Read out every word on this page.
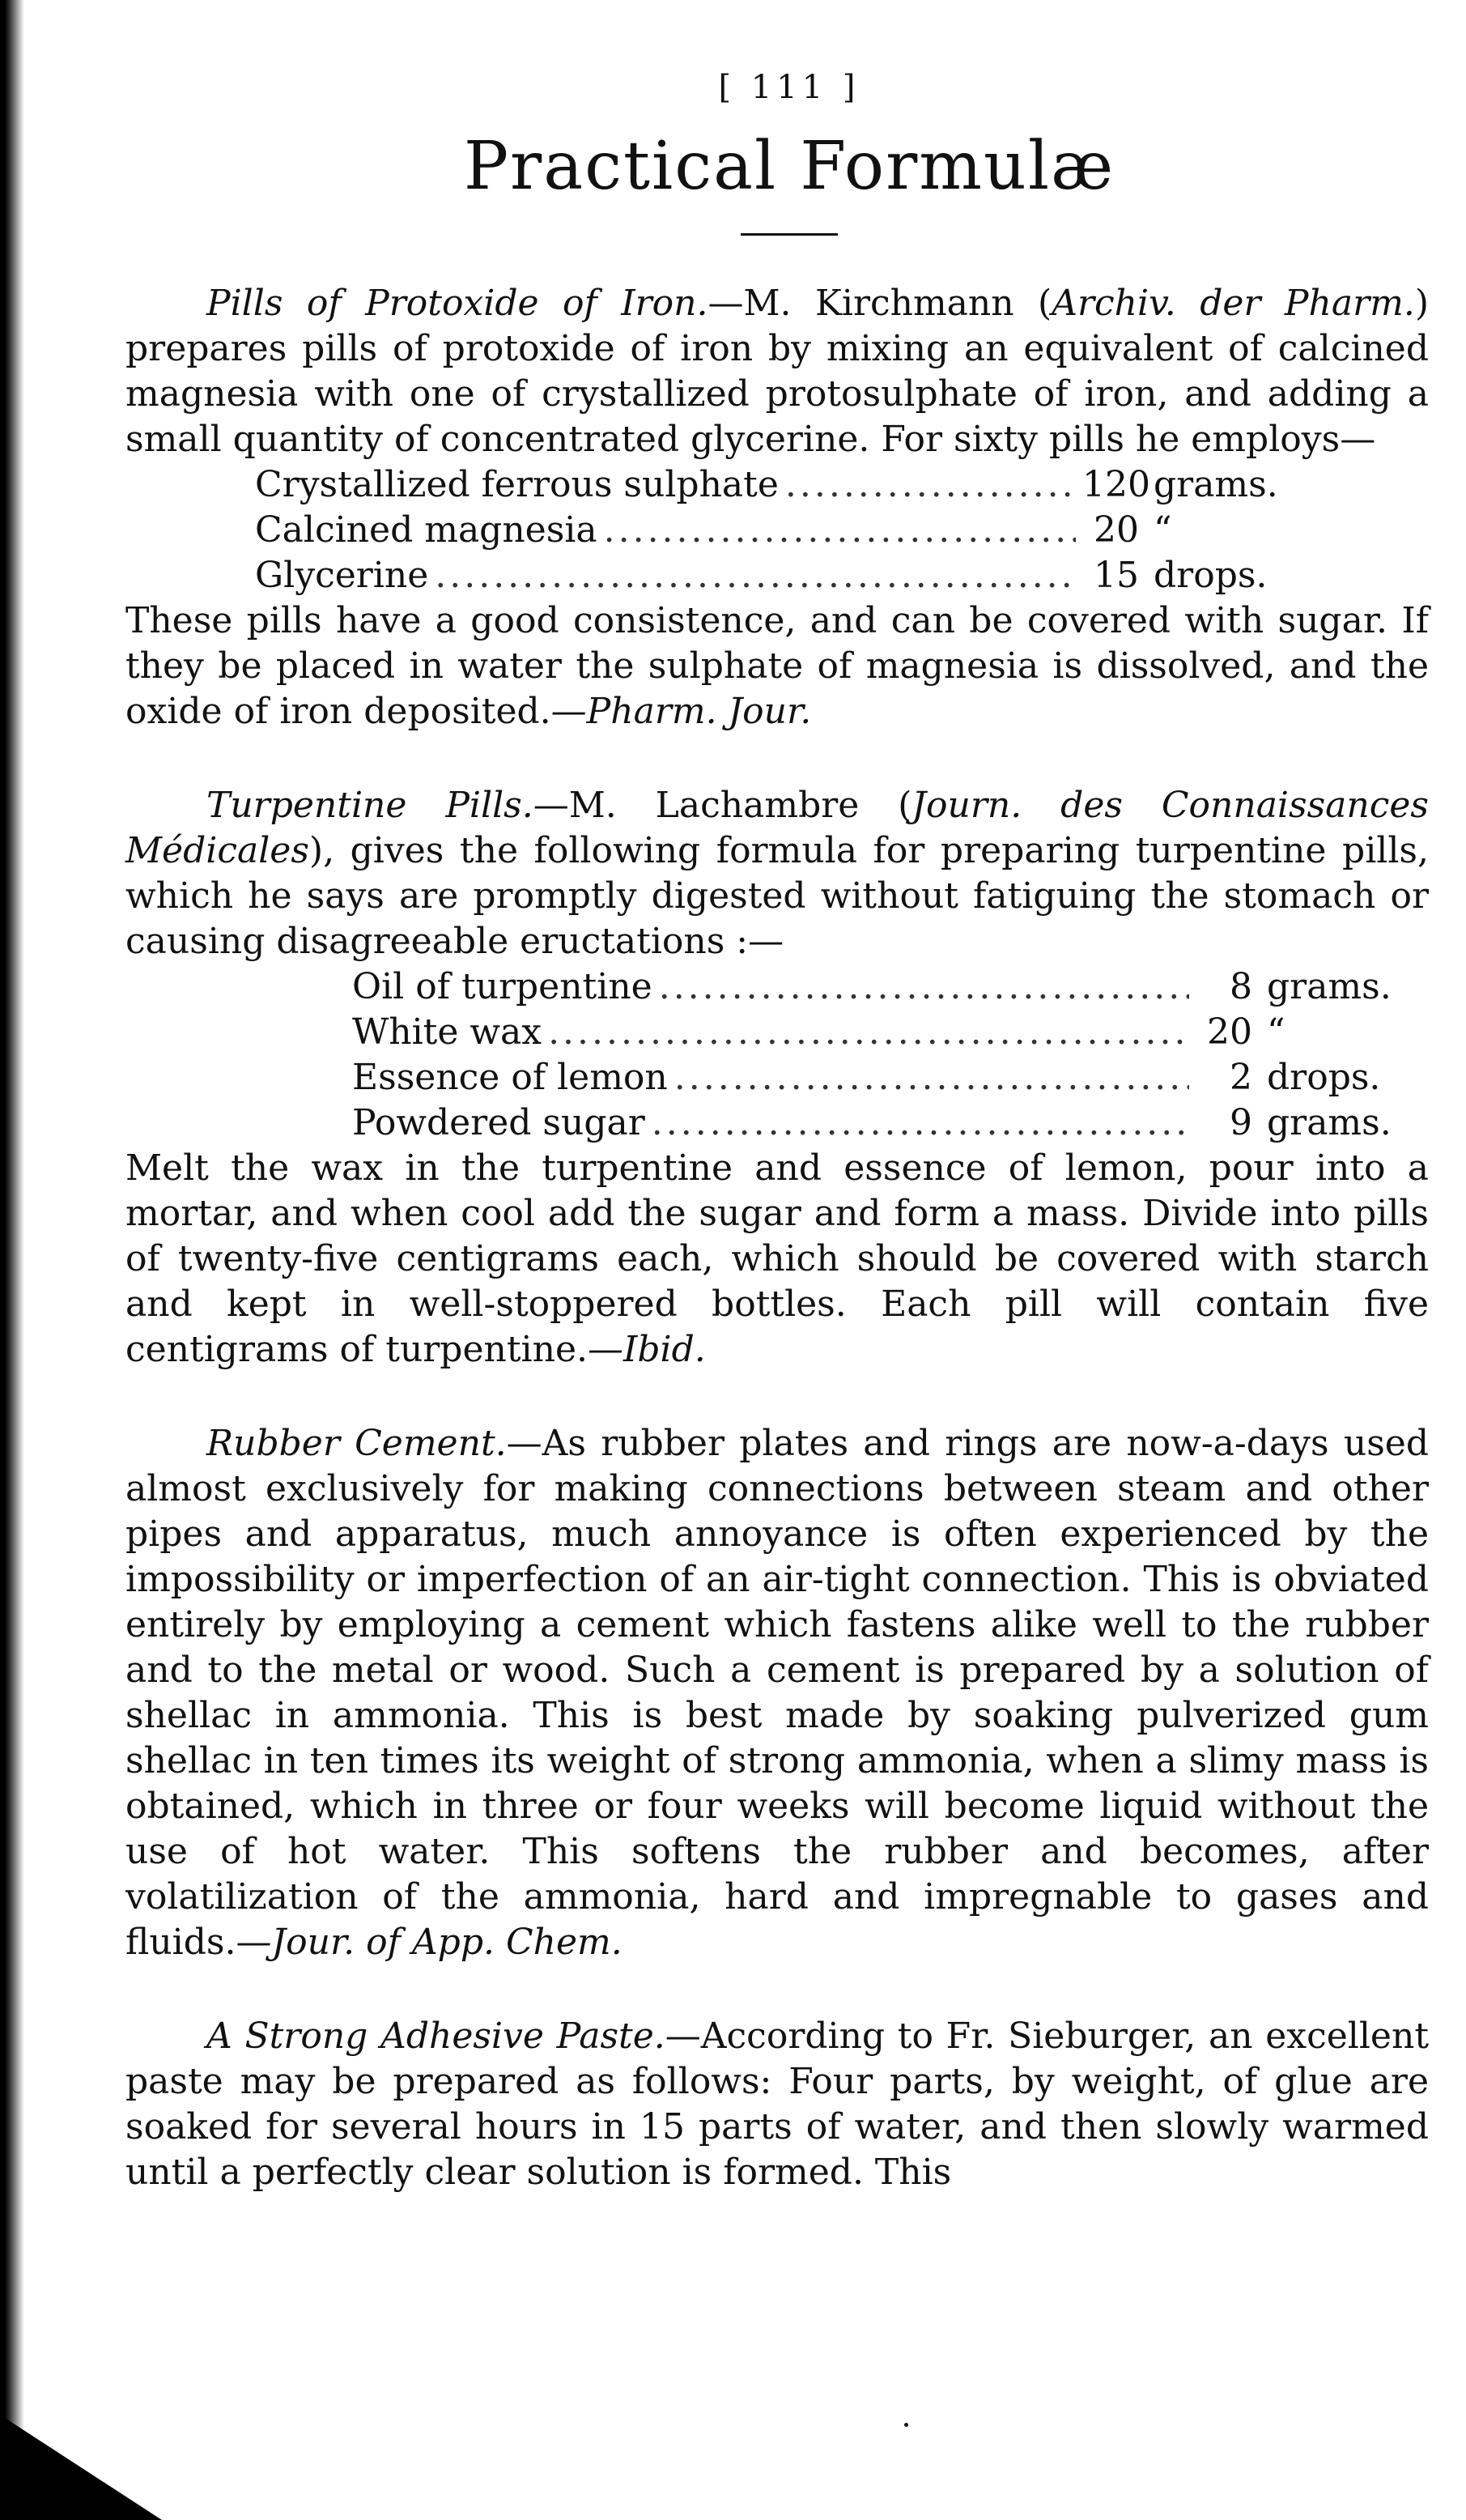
[ 111 ]
Practical Formulæ

Pills of Protoxide of Iron.—M. Kirchmann (Archiv. der Pharm.) prepares pills of protoxide of iron by mixing an equivalent of calcined magnesia with one of crystallized protosulphate of iron, and adding a small quantity of concentrated glycerine. For sixty pills he employs—

Crystallized ferrous sulphate .....	120 grams.
Calcined magnesia .....	20 “
Glycerine .....	15 drops.

These pills have a good consistence, and can be covered with sugar. If they be placed in water the sulphate of magnesia is dissolved, and the oxide of iron deposited.—Pharm. Jour.

Turpentine Pills.—M. Lachambre (Journ. des Connaissances Médicales), gives the following formula for preparing turpentine pills, which he says are promptly digested without fatiguing the stomach or causing disagreeable eructations :—

Oil of turpentine .....	8 grams.
White wax .....	20 “
Essence of lemon .....	2 drops.
Powdered sugar .....	9 grams.

Melt the wax in the turpentine and essence of lemon, pour into a mortar, and when cool add the sugar and form a mass. Divide into pills of twenty-five centigrams each, which should be covered with starch and kept in well-stoppered bottles. Each pill will contain five centigrams of turpentine.—Ibid.

Rubber Cement.—As rubber plates and rings are now-a-days used almost exclusively for making connections between steam and other pipes and apparatus, much annoyance is often experienced by the impossibility or imperfection of an air-tight connection. This is obviated entirely by employing a cement which fastens alike well to the rubber and to the metal or wood. Such a cement is prepared by a solution of shellac in ammonia. This is best made by soaking pulverized gum shellac in ten times its weight of strong ammonia, when a slimy mass is obtained, which in three or four weeks will become liquid without the use of hot water. This softens the rubber and becomes, after volatilization of the ammonia, hard and impregnable to gases and fluids.—Jour. of App. Chem.

A Strong Adhesive Paste.—According to Fr. Sieburger, an excellent paste may be prepared as follows: Four parts, by weight, of glue are soaked for several hours in 15 parts of water, and then slowly warmed until a perfectly clear solution is formed. This
